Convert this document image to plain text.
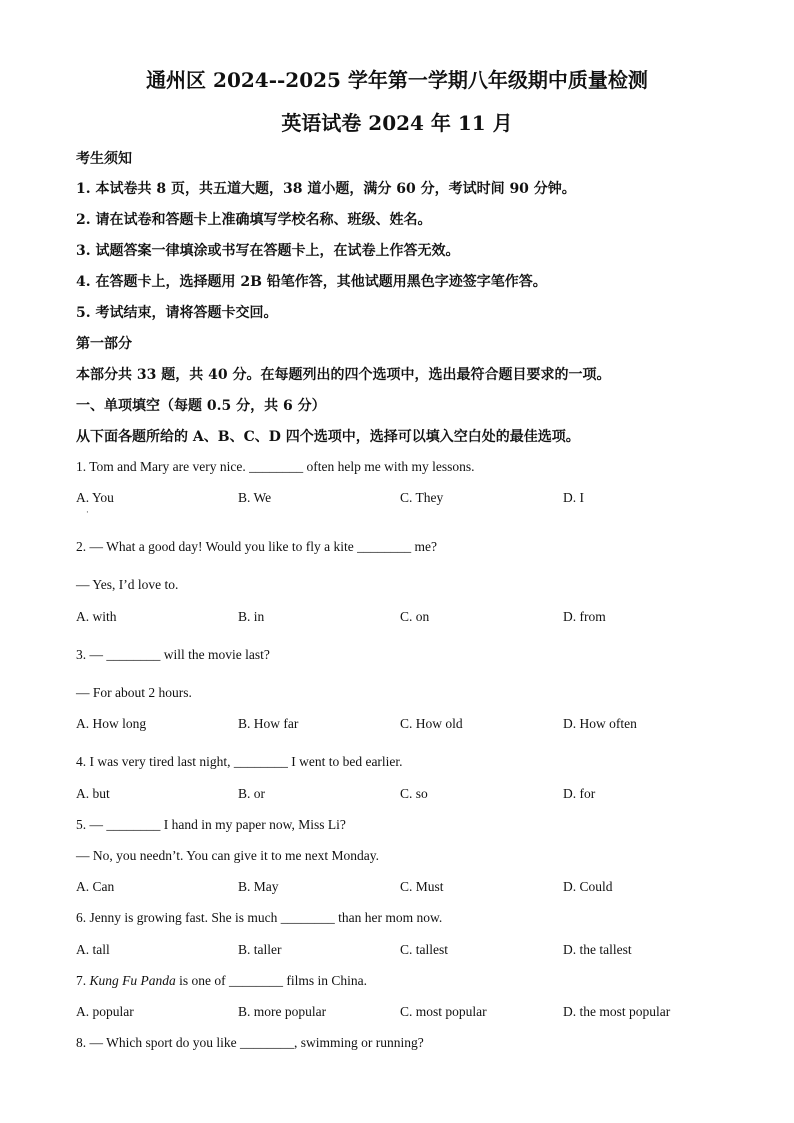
通州区 2024--2025 学年第一学期八年级期中质量检测
英语试卷 2024 年 11 月
考生须知
1. 本试卷共 8 页，共五道大题，38 道小题，满分 60 分，考试时间 90 分钟。
2. 请在试卷和答题卡上准确填写学校名称、班级、姓名。
3. 试题答案一律填涂或书写在答题卡上，在试卷上作答无效。
4. 在答题卡上，选择题用 2B 铅笔作答，其他试题用黑色字迹签字笔作答。
5. 考试结束，请将答题卡交回。
第一部分
本部分共 33 题，共 40 分。在每题列出的四个选项中，选出最符合题目要求的一项。
一、单项填空（每题 0.5 分，共 6 分）
从下面各题所给的 A、B、C、D 四个选项中，选择可以填入空白处的最佳选项。
1. Tom and Mary are very nice. ________ often help me with my lessons.
A. You	B. We	C. They	D. I
·
2. — What a good day! Would you like to fly a kite ________ me?
— Yes, I’d love to.
A. with	B. in	C. on	D. from
3. — ________ will the movie last?
— For about 2 hours.
A. How long	B. How far	C. How old	D. How often
4. I was very tired last night, ________ I went to bed earlier.
A. but	B. or	C. so	D. for
5. — ________ I hand in my paper now, Miss Li?
— No, you needn’t. You can give it to me next Monday.
A. Can	B. May	C. Must	D. Could
6. Jenny is growing fast. She is much ________ than her mom now.
A. tall	B. taller	C. tallest	D. the tallest
7. Kung Fu Panda is one of ________ films in China.
A. popular	B. more popular	C. most popular	D. the most popular
8. — Which sport do you like ________, swimming or running?
